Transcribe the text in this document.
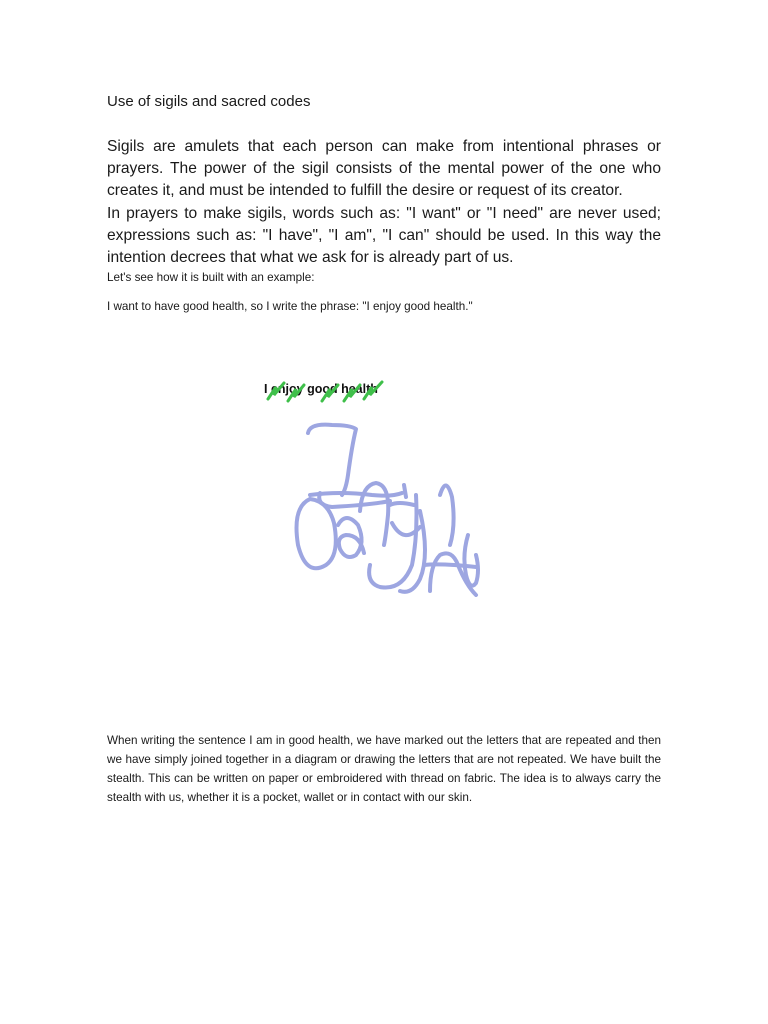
Use of sigils and sacred codes

Sigils are amulets that each person can make from intentional phrases or prayers. The power of the sigil consists of the mental power of the one who creates it, and must be intended to fulfill the desire or request of its creator.

In prayers to make sigils, words such as: "I want" or "I need" are never used; expressions such as: "I have", "I am", "I can" should be used. In this way the intention decrees that what we ask for is already part of us.

Let's see how it is built with an example:

I want to have good health, so I write the phrase: "I enjoy good health."

I enjoy good health

When writing the sentence I am in good health, we have marked out the letters that are repeated and then we have simply joined together in a diagram or drawing the letters that are not repeated. We have built the stealth. This can be written on paper or embroidered with thread on fabric. The idea is to always carry the stealth with us, whether it is a pocket, wallet or in contact with our skin.
